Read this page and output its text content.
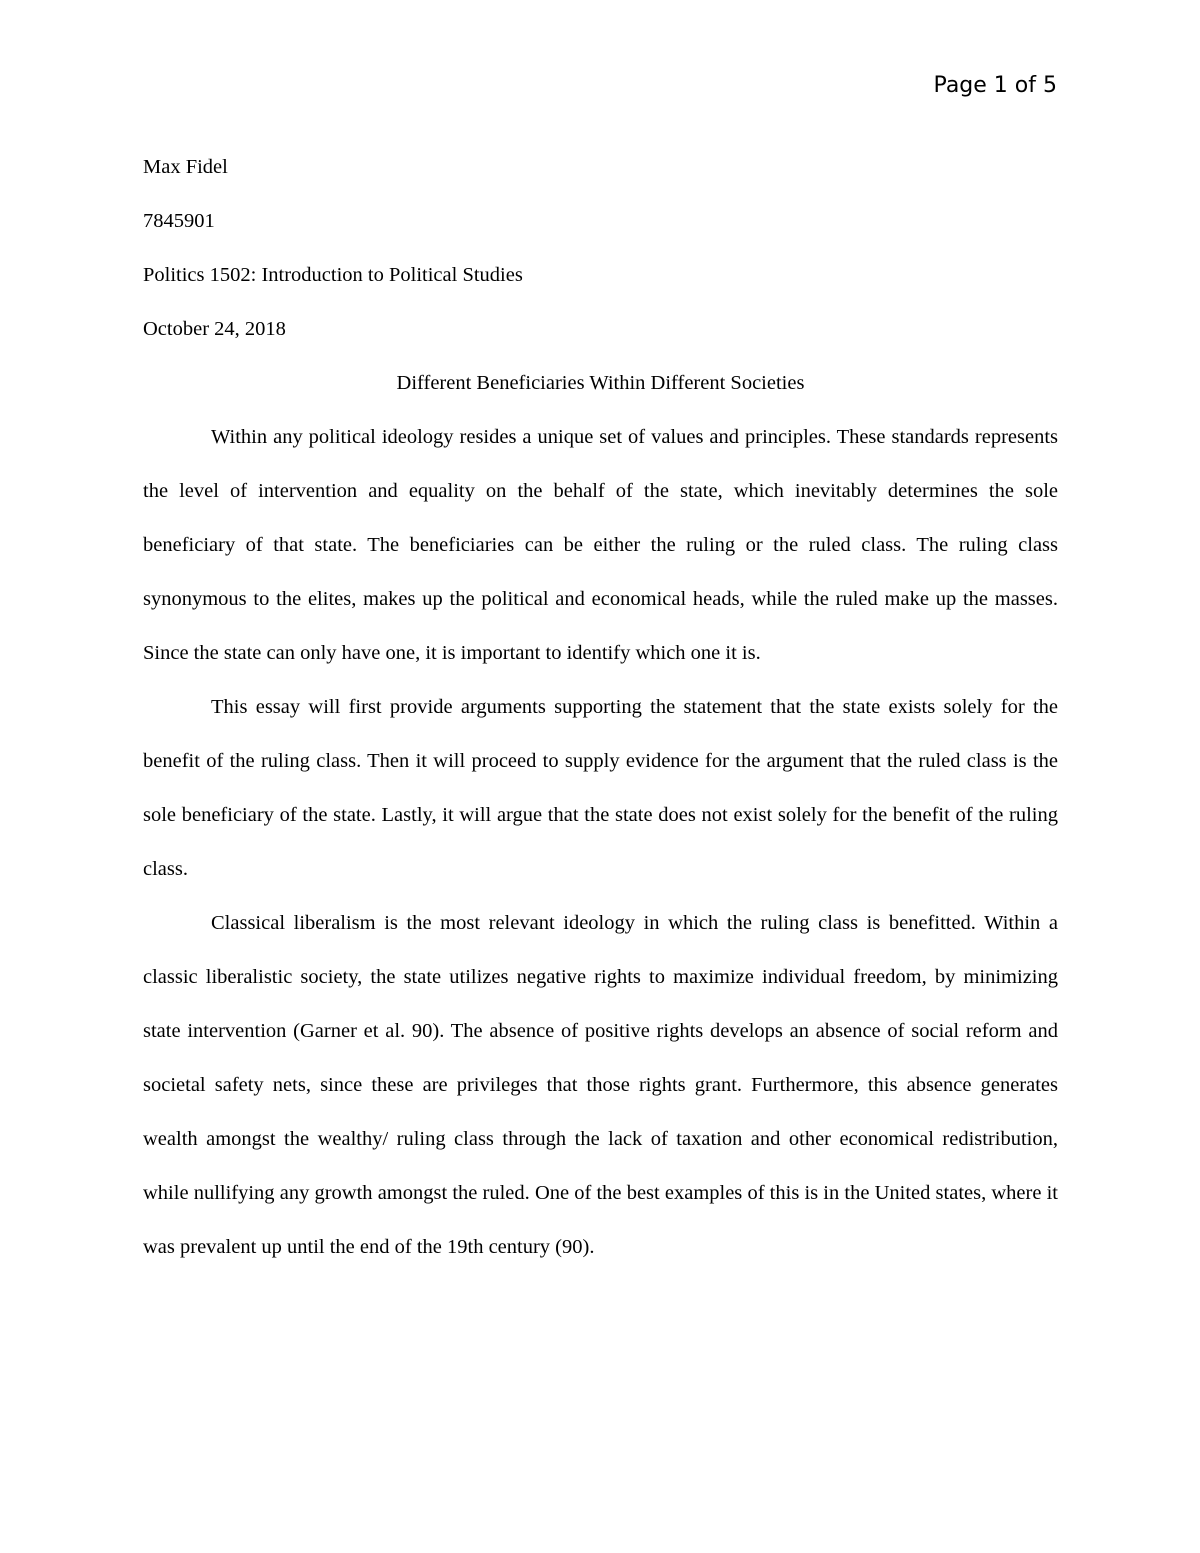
Page 1 of 5

Max Fidel

7845901

Politics 1502: Introduction to Political Studies

October 24, 2018

Different Beneficiaries Within Different Societies

Within any political ideology resides a unique set of values and principles. These standards represents the level of intervention and equality on the behalf of the state, which inevitably determines the sole beneficiary of that state. The beneficiaries can be either the ruling or the ruled class. The ruling class synonymous to the elites, makes up the political and economical heads, while the ruled make up the masses. Since the state can only have one, it is important to identify which one it is.

This essay will first provide arguments supporting the statement that the state exists solely for the benefit of the ruling class. Then it will proceed to supply evidence for the argument that the ruled class is the sole beneficiary of the state. Lastly, it will argue that the state does not exist solely for the benefit of the ruling class.

Classical liberalism is the most relevant ideology in which the ruling class is benefitted. Within a classic liberalistic society, the state utilizes negative rights to maximize individual freedom, by minimizing state intervention (Garner et al. 90). The absence of positive rights develops an absence of social reform and societal safety nets, since these are privileges that those rights grant. Furthermore, this absence generates wealth amongst the wealthy/ ruling class through the lack of taxation and other economical redistribution, while nullifying any growth amongst the ruled. One of the best examples of this is in the United states, where it was prevalent up until the end of the 19th century (90).
